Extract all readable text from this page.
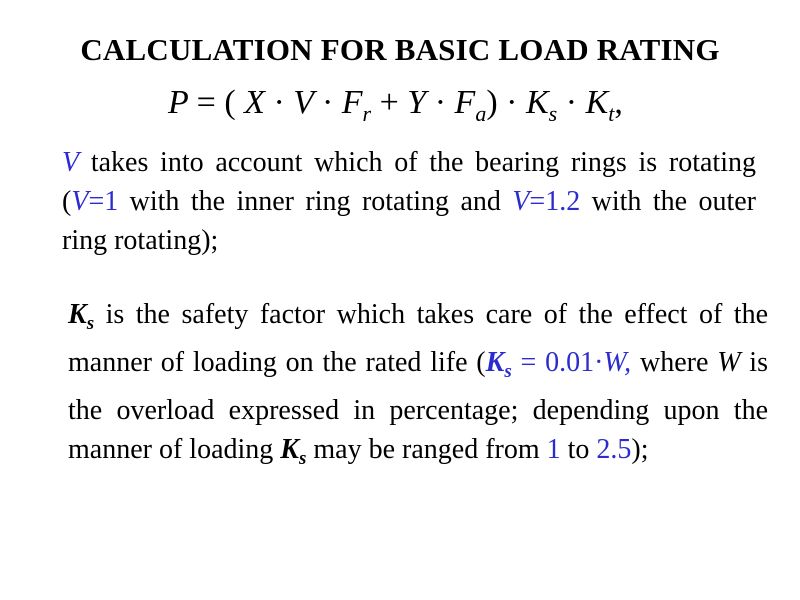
CALCULATION FOR BASIC LOAD RATING
P = ( $X \cdot V \cdot F_r + Y \cdot F_a) \cdot K_s \cdot K_t$,
V takes into account which of the bearing rings is rotating (V=1 with the inner ring rotating and V=1.2 with the outer ring rotating);
$K_s$ is the safety factor which takes care of the effect of the manner of loading on the rated life ($K_s = 0.01\cdot W$, where W is the overload expressed in percentage; depending upon the manner of loading $K_s$ may be ranged from 1 to 2.5);
